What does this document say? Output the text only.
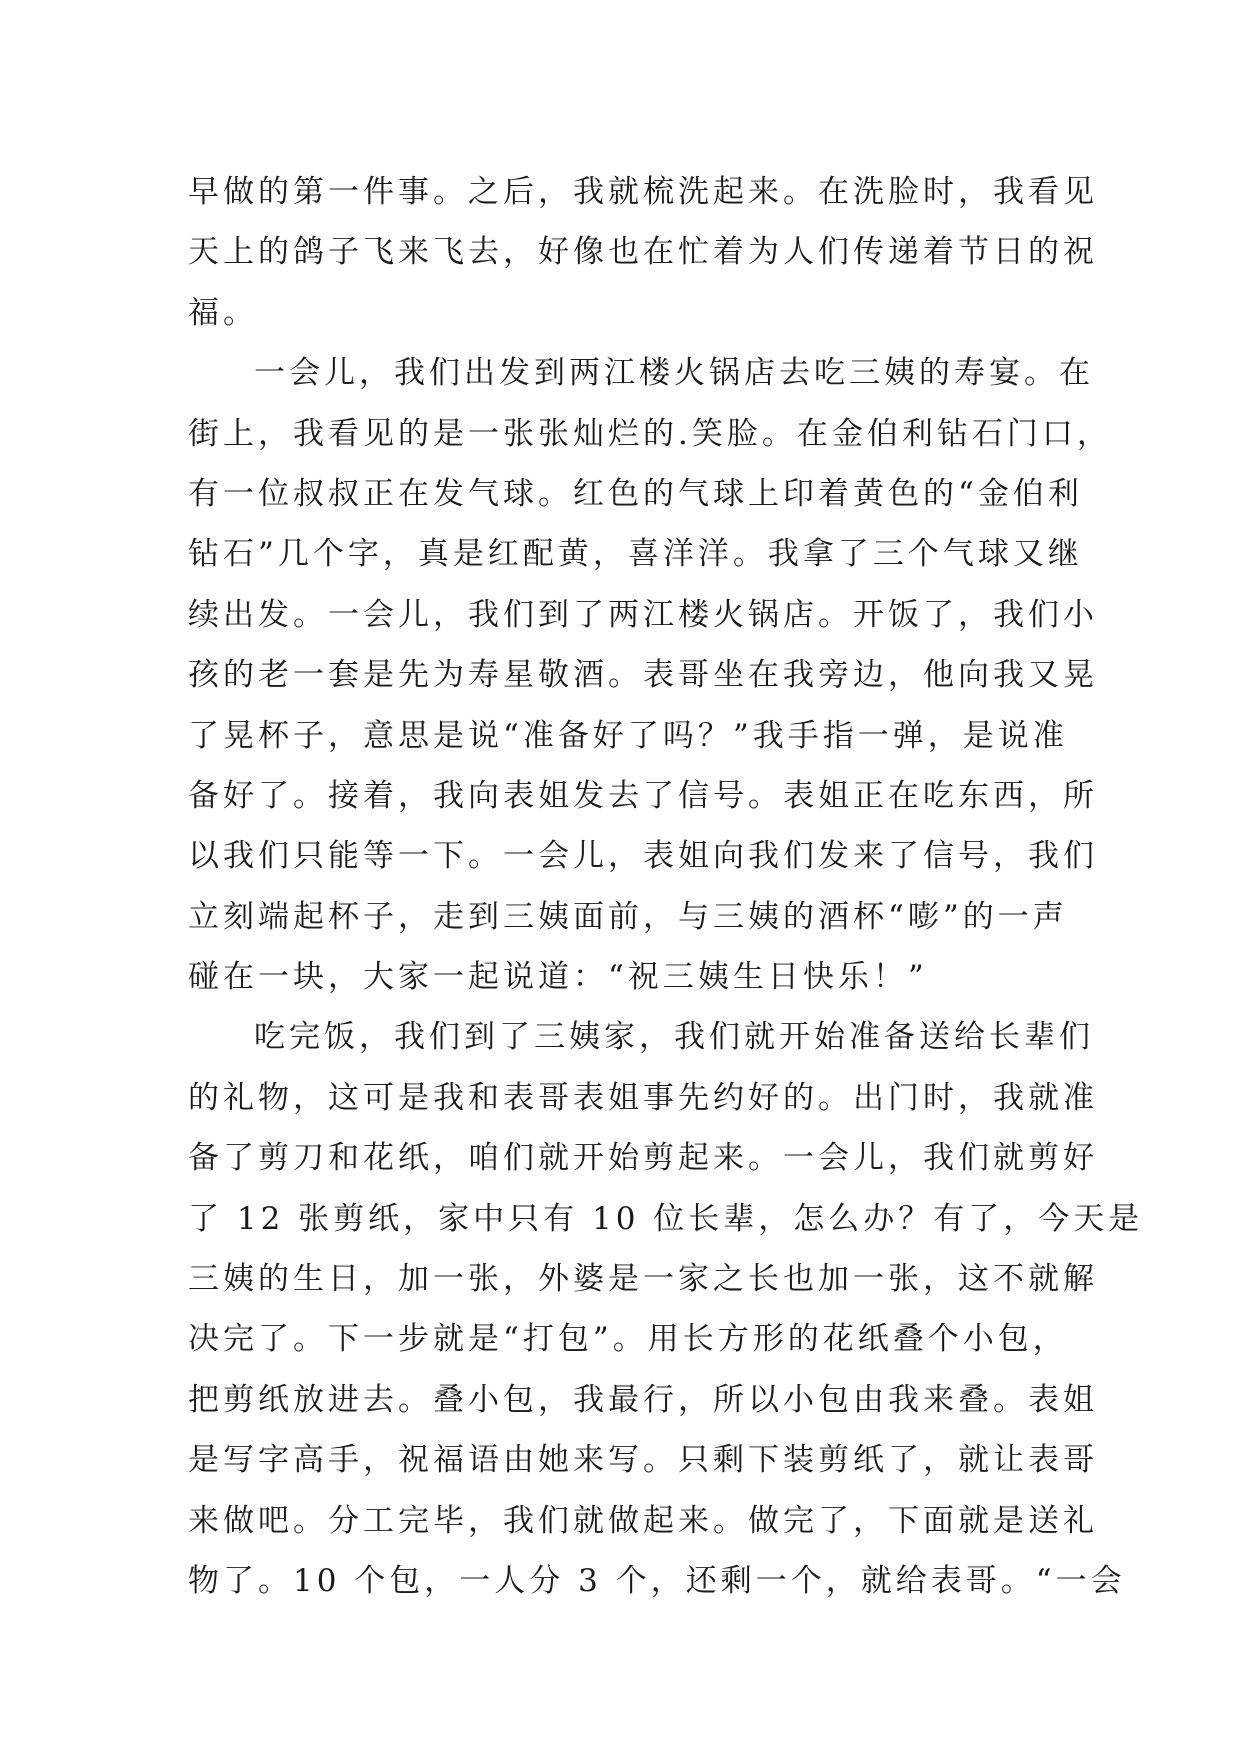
早做的第一件事。之后，我就梳洗起来。在洗脸时，我看见
天上的鸽子飞来飞去，好像也在忙着为人们传递着节日的祝
福。
一会儿，我们出发到两江楼火锅店去吃三姨的寿宴。在
街上，我看见的是一张张灿烂的.笑脸。在金伯利钻石门口，
有一位叔叔正在发气球。红色的气球上印着黄色的“金伯利
钻石”几个字，真是红配黄，喜洋洋。我拿了三个气球又继
续出发。一会儿，我们到了两江楼火锅店。开饭了，我们小
孩的老一套是先为寿星敬酒。表哥坐在我旁边，他向我又晃
了晃杯子，意思是说“准备好了吗？”我手指一弹，是说准
备好了。接着，我向表姐发去了信号。表姐正在吃东西，所
以我们只能等一下。一会儿，表姐向我们发来了信号，我们
立刻端起杯子，走到三姨面前，与三姨的酒杯“嘭”的一声
碰在一块，大家一起说道：“祝三姨生日快乐！”
吃完饭，我们到了三姨家，我们就开始准备送给长辈们
的礼物，这可是我和表哥表姐事先约好的。出门时，我就准
备了剪刀和花纸，咱们就开始剪起来。一会儿，我们就剪好
了 12 张剪纸，家中只有 10 位长辈，怎么办？有了，今天是
三姨的生日，加一张，外婆是一家之长也加一张，这不就解
决完了。下一步就是“打包”。用长方形的花纸叠个小包，
把剪纸放进去。叠小包，我最行，所以小包由我来叠。表姐
是写字高手，祝福语由她来写。只剩下装剪纸了，就让表哥
来做吧。分工完毕，我们就做起来。做完了，下面就是送礼
物了。10 个包，一人分 3 个，还剩一个，就给表哥。“一会
